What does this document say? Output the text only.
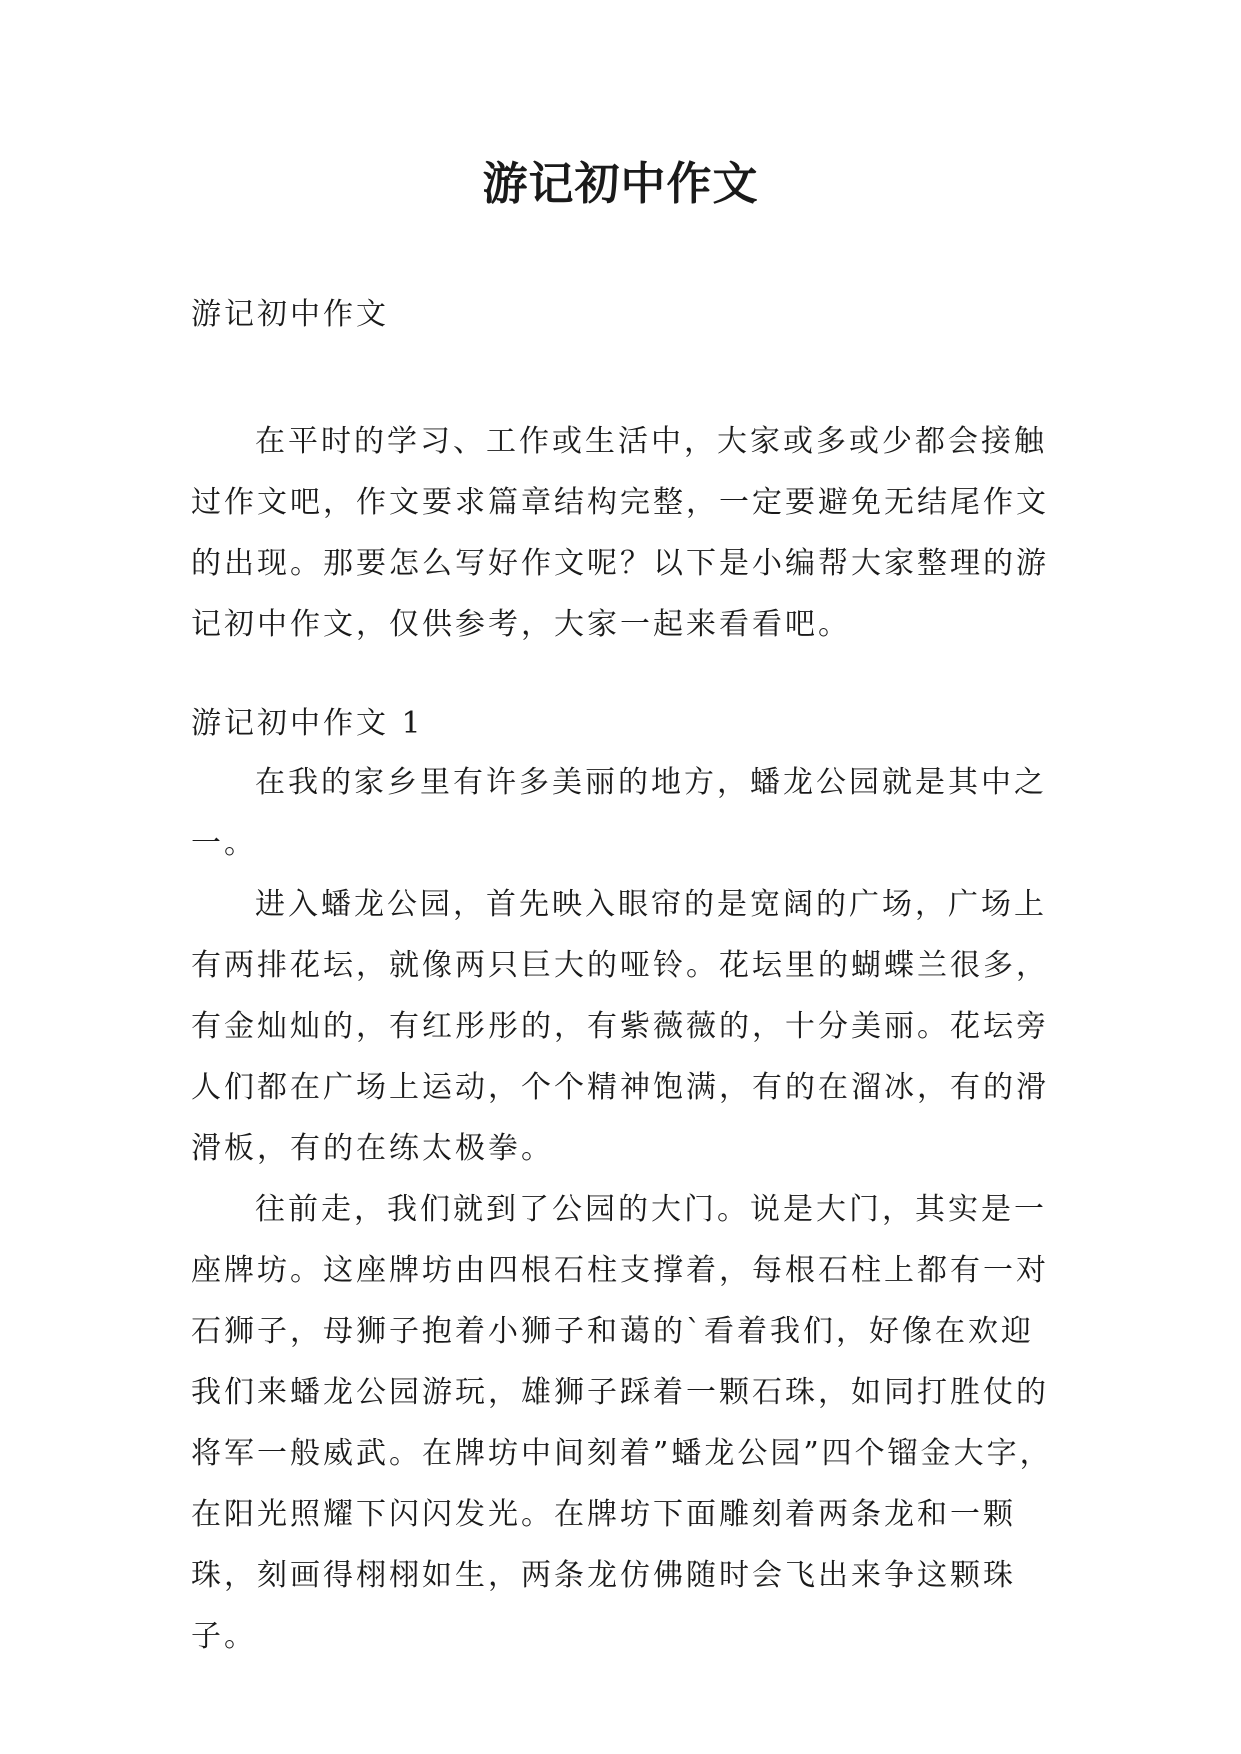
游记初中作文
游记初中作文

在平时的学习、工作或生活中，大家或多或少都会接触过作文吧，作文要求篇章结构完整，一定要避免无结尾作文的出现。那要怎么写好作文呢？以下是小编帮大家整理的游记初中作文，仅供参考，大家一起来看看吧。

游记初中作文 1

在我的家乡里有许多美丽的地方，蟠龙公园就是其中之一。

进入蟠龙公园，首先映入眼帘的是宽阔的广场，广场上有两排花坛，就像两只巨大的哑铃。花坛里的蝴蝶兰很多，有金灿灿的，有红彤彤的，有紫薇薇的，十分美丽。花坛旁人们都在广场上运动，个个精神饱满，有的在溜冰，有的滑滑板，有的在练太极拳。

往前走，我们就到了公园的大门。说是大门，其实是一座牌坊。这座牌坊由四根石柱支撑着，每根石柱上都有一对石狮子，母狮子抱着小狮子和蔼的`看着我们，好像在欢迎我们来蟠龙公园游玩，雄狮子踩着一颗石珠，如同打胜仗的将军一般威武。在牌坊中间刻着”蟠龙公园”四个镏金大字，在阳光照耀下闪闪发光。在牌坊下面雕刻着两条龙和一颗珠，刻画得栩栩如生，两条龙仿佛随时会飞出来争这颗珠子。
